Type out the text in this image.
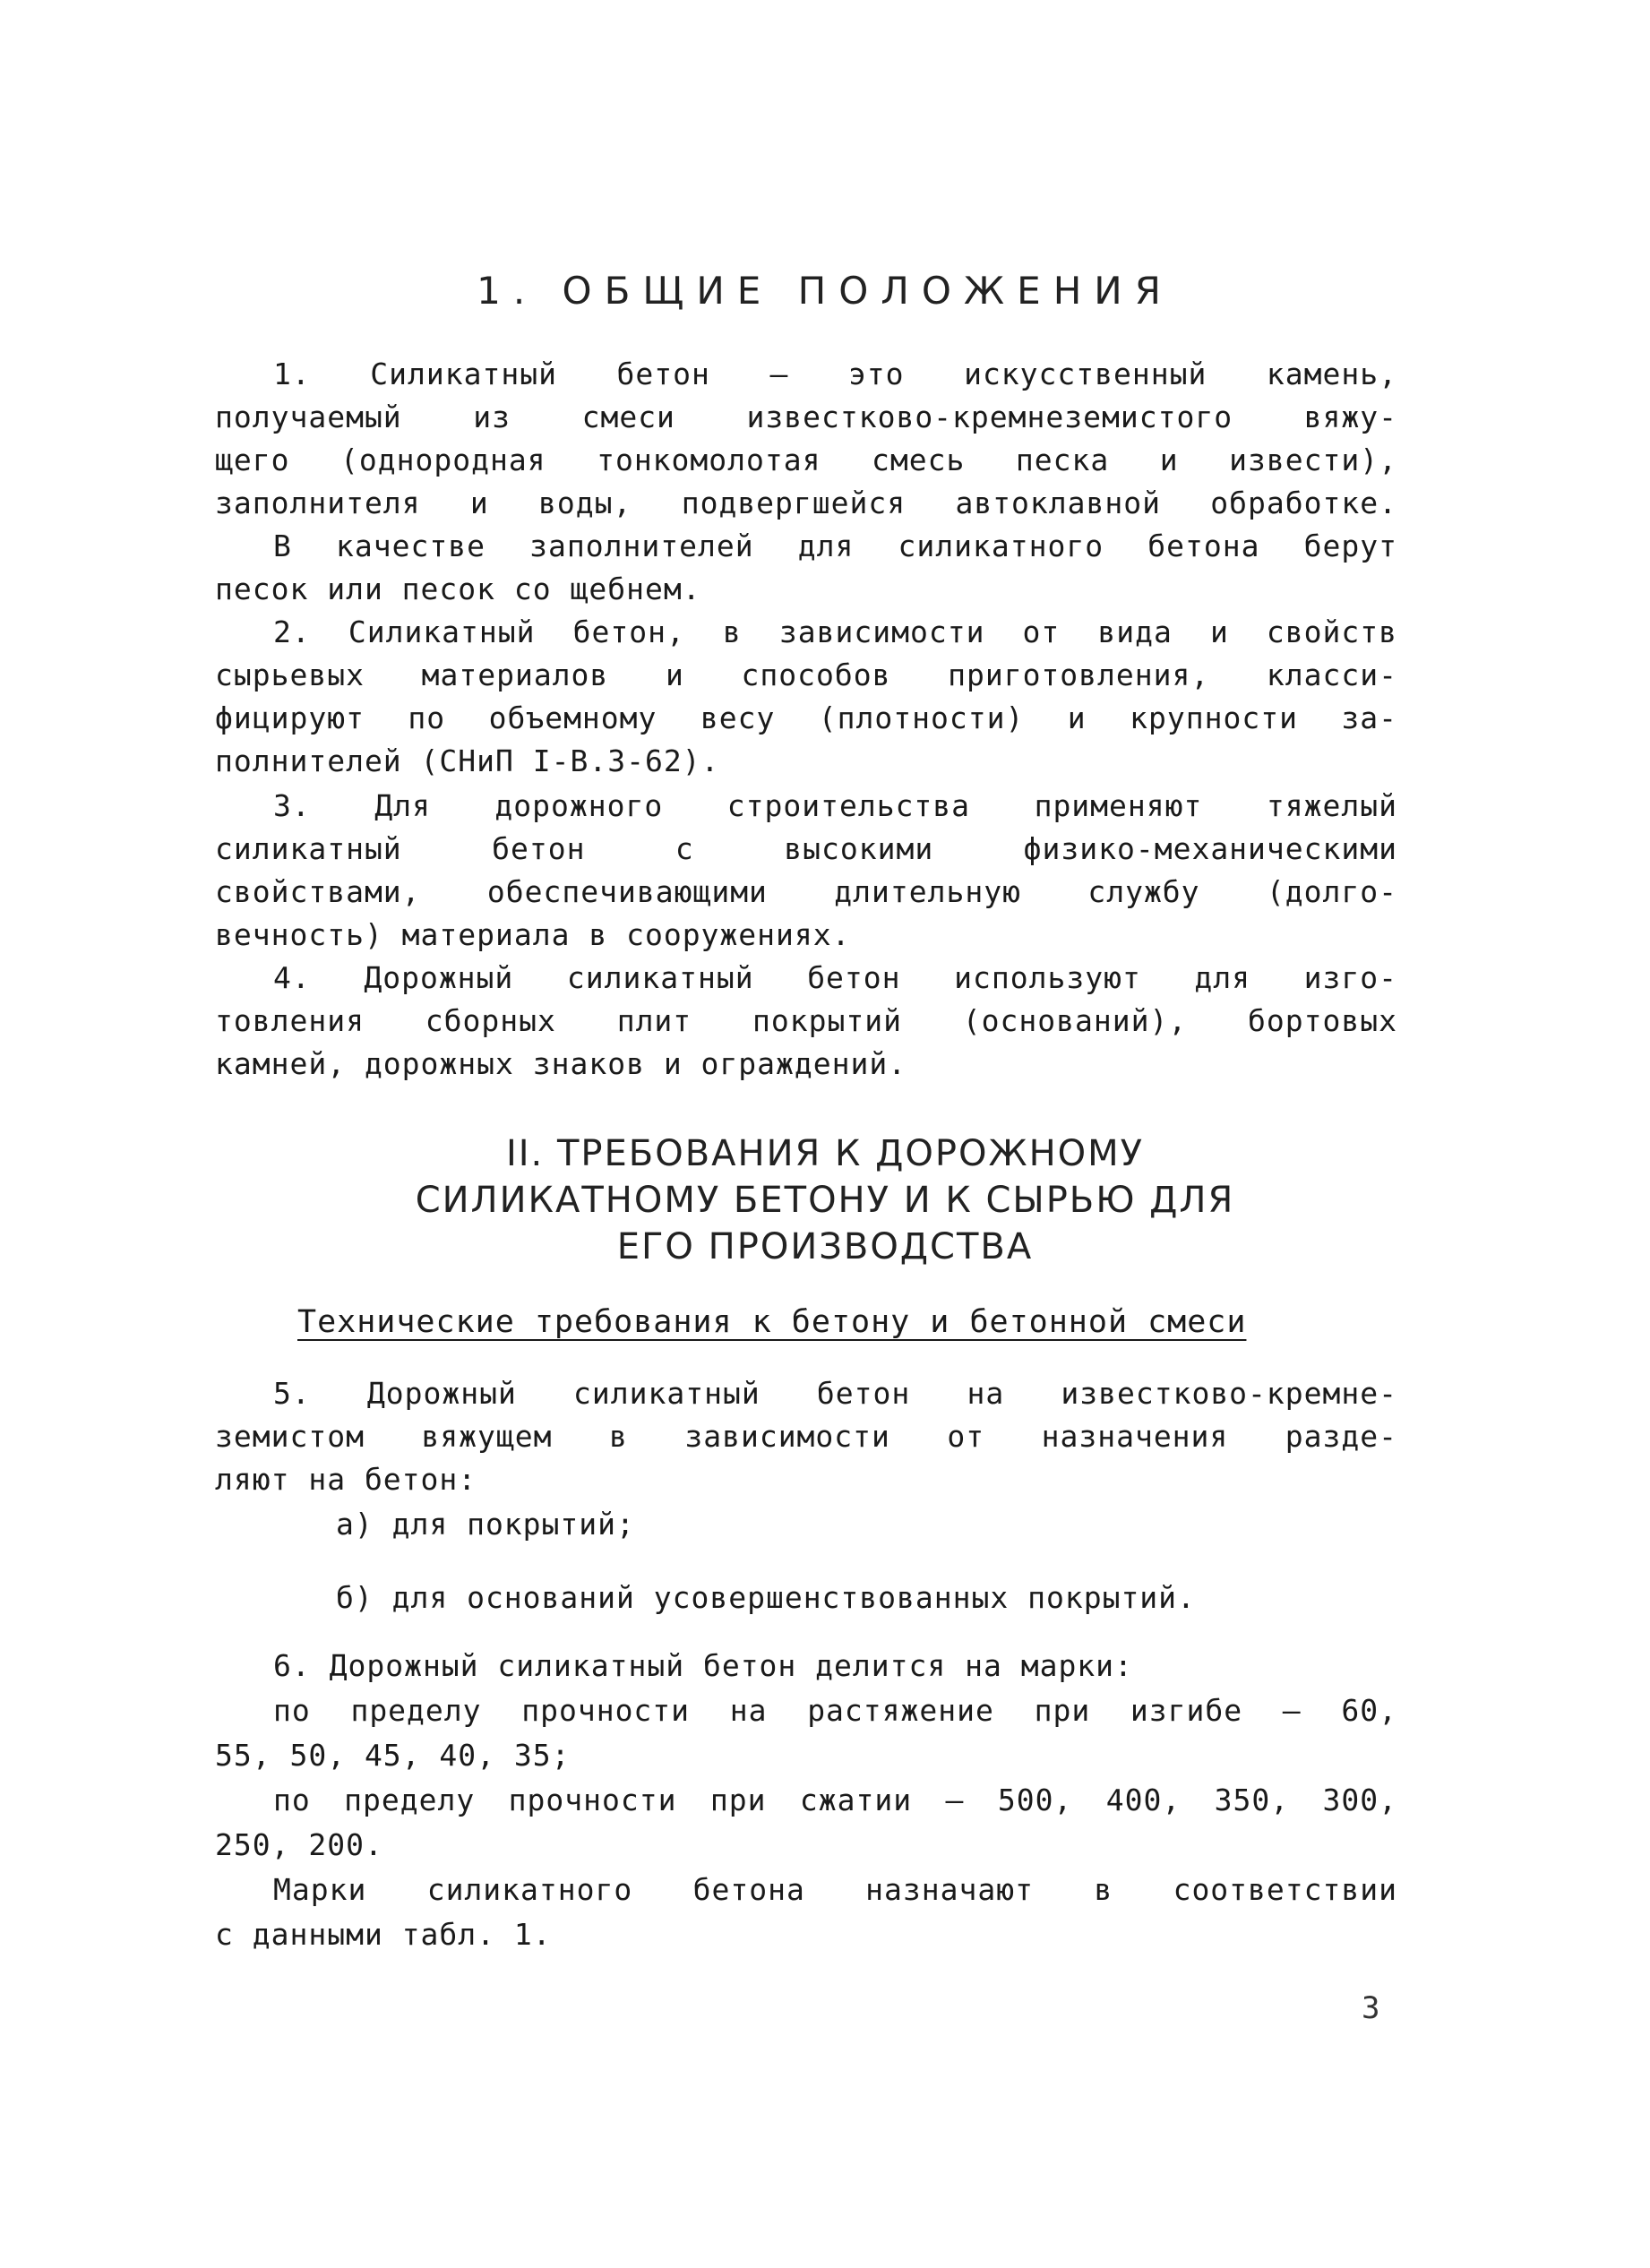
1. ОБЩИЕ ПОЛОЖЕНИЯ
1. Силикатный бетон – это искусственный камень,
получаемый из смеси известково-кремнеземистого вяжу-
щего (однородная тонкомолотая смесь песка и извести),
заполнителя и воды, подвергшейся автоклавной обработке.
В качестве заполнителей для силикатного бетона берут
песок или песок со щебнем.
2. Силикатный бетон, в зависимости от вида и свойств
сырьевых материалов и способов приготовления, класси-
фицируют по объемному весу (плотности) и крупности за-
полнителей (СНиП I-В.3-62).
3. Для дорожного строительства применяют тяжелый
силикатный бетон с высокими физико-механическими
свойствами, обеспечивающими длительную службу (долго-
вечность) материала в сооружениях.
4. Дорожный силикатный бетон используют для изго-
товления сборных плит покрытий (оснований), бортовых
камней, дорожных знаков и ограждений.
II. ТРЕБОВАНИЯ К ДОРОЖНОМУ
СИЛИКАТНОМУ БЕТОНУ И К СЫРЬЮ ДЛЯ
ЕГО ПРОИЗВОДСТВА
Технические требования к бетону и бетонной смеси
5. Дорожный силикатный бетон на известково-кремне-
земистом вяжущем в зависимости от назначения разде-
ляют на бетон:
а) для покрытий;
б) для оснований усовершенствованных покрытий.
6. Дорожный силикатный бетон делится на марки:
по пределу прочности на растяжение при изгибе – 60,
55, 50, 45, 40, 35;
по пределу прочности при сжатии – 500, 400, 350, 300,
250, 200.
Марки силикатного бетона назначают в соответствии
с данными табл. 1.
3
